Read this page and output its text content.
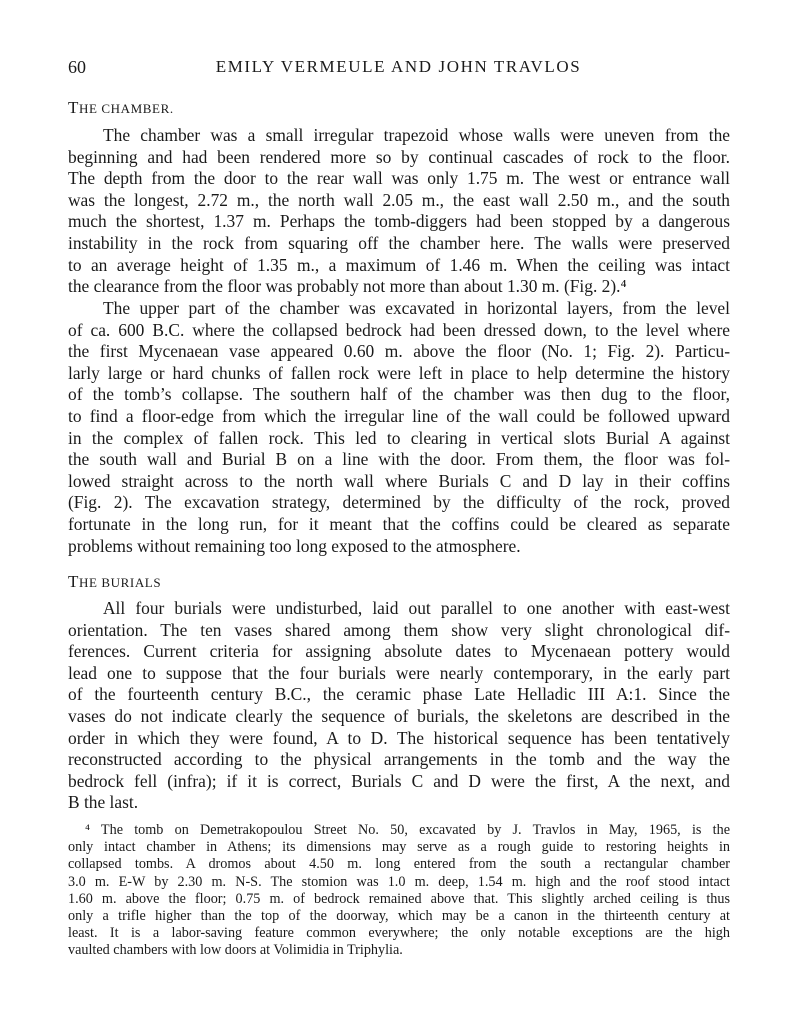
60	EMILY VERMEULE AND JOHN TRAVLOS
THE CHAMBER.
The chamber was a small irregular trapezoid whose walls were uneven from the
beginning and had been rendered more so by continual cascades of rock to the floor.
The depth from the door to the rear wall was only 1.75 m. The west or entrance wall
was the longest, 2.72 m., the north wall 2.05 m., the east wall 2.50 m., and the south
much the shortest, 1.37 m. Perhaps the tomb-diggers had been stopped by a dangerous
instability in the rock from squaring off the chamber here. The walls were preserved
to an average height of 1.35 m., a maximum of 1.46 m. When the ceiling was intact
the clearance from the floor was probably not more than about 1.30 m. (Fig. 2).⁴
The upper part of the chamber was excavated in horizontal layers, from the level
of ca. 600 B.C. where the collapsed bedrock had been dressed down, to the level where
the first Mycenaean vase appeared 0.60 m. above the floor (No. 1; Fig. 2). Particu-
larly large or hard chunks of fallen rock were left in place to help determine the history
of the tomb’s collapse. The southern half of the chamber was then dug to the floor,
to find a floor-edge from which the irregular line of the wall could be followed upward
in the complex of fallen rock. This led to clearing in vertical slots Burial A against
the south wall and Burial B on a line with the door. From them, the floor was fol-
lowed straight across to the north wall where Burials C and D lay in their coffins
(Fig. 2). The excavation strategy, determined by the difficulty of the rock, proved
fortunate in the long run, for it meant that the coffins could be cleared as separate
problems without remaining too long exposed to the atmosphere.
THE BURIALS
All four burials were undisturbed, laid out parallel to one another with east-west
orientation. The ten vases shared among them show very slight chronological dif-
ferences. Current criteria for assigning absolute dates to Mycenaean pottery would
lead one to suppose that the four burials were nearly contemporary, in the early part
of the fourteenth century B.C., the ceramic phase Late Helladic III A:1. Since the
vases do not indicate clearly the sequence of burials, the skeletons are described in the
order in which they were found, A to D. The historical sequence has been tentatively
reconstructed according to the physical arrangements in the tomb and the way the
bedrock fell (infra); if it is correct, Burials C and D were the first, A the next, and
B the last.
⁴ The tomb on Demetrakopoulou Street No. 50, excavated by J. Travlos in May, 1965, is the
only intact chamber in Athens; its dimensions may serve as a rough guide to restoring heights in
collapsed tombs. A dromos about 4.50 m. long entered from the south a rectangular chamber
3.0 m. E-W by 2.30 m. N-S. The stomion was 1.0 m. deep, 1.54 m. high and the roof stood intact
1.60 m. above the floor; 0.75 m. of bedrock remained above that. This slightly arched ceiling is thus
only a trifle higher than the top of the doorway, which may be a canon in the thirteenth century at
least. It is a labor-saving feature common everywhere; the only notable exceptions are the high
vaulted chambers with low doors at Volimidia in Triphylia.
